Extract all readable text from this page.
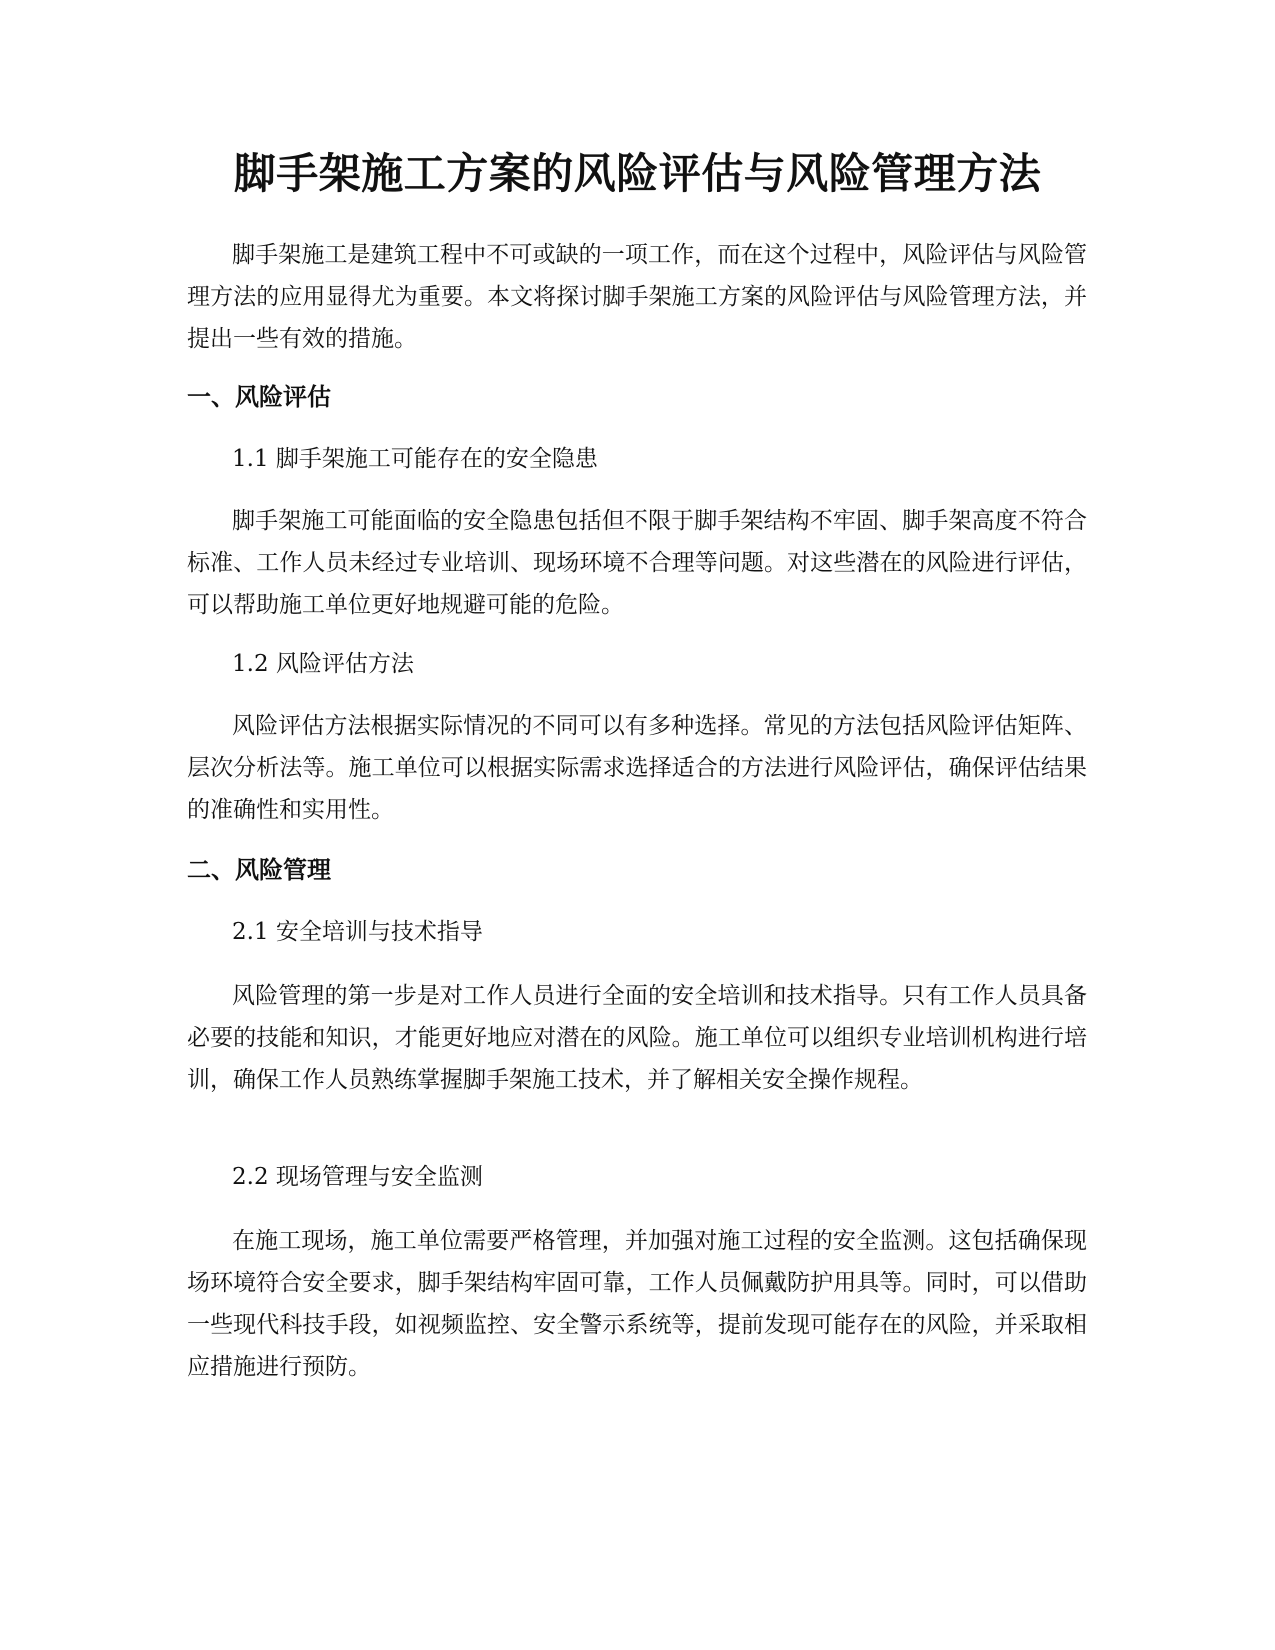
脚手架施工方案的风险评估与风险管理方法

脚手架施工是建筑工程中不可或缺的一项工作，而在这个过程中，风险评估与风险管理方法的应用显得尤为重要。本文将探讨脚手架施工方案的风险评估与风险管理方法，并提出一些有效的措施。

一、风险评估

1.1 脚手架施工可能存在的安全隐患

脚手架施工可能面临的安全隐患包括但不限于脚手架结构不牢固、脚手架高度不符合标准、工作人员未经过专业培训、现场环境不合理等问题。对这些潜在的风险进行评估，可以帮助施工单位更好地规避可能的危险。

1.2 风险评估方法

风险评估方法根据实际情况的不同可以有多种选择。常见的方法包括风险评估矩阵、层次分析法等。施工单位可以根据实际需求选择适合的方法进行风险评估，确保评估结果的准确性和实用性。

二、风险管理

2.1 安全培训与技术指导

风险管理的第一步是对工作人员进行全面的安全培训和技术指导。只有工作人员具备必要的技能和知识，才能更好地应对潜在的风险。施工单位可以组织专业培训机构进行培训，确保工作人员熟练掌握脚手架施工技术，并了解相关安全操作规程。

2.2 现场管理与安全监测

在施工现场，施工单位需要严格管理，并加强对施工过程的安全监测。这包括确保现场环境符合安全要求，脚手架结构牢固可靠，工作人员佩戴防护用具等。同时，可以借助一些现代科技手段，如视频监控、安全警示系统等，提前发现可能存在的风险，并采取相应措施进行预防。
